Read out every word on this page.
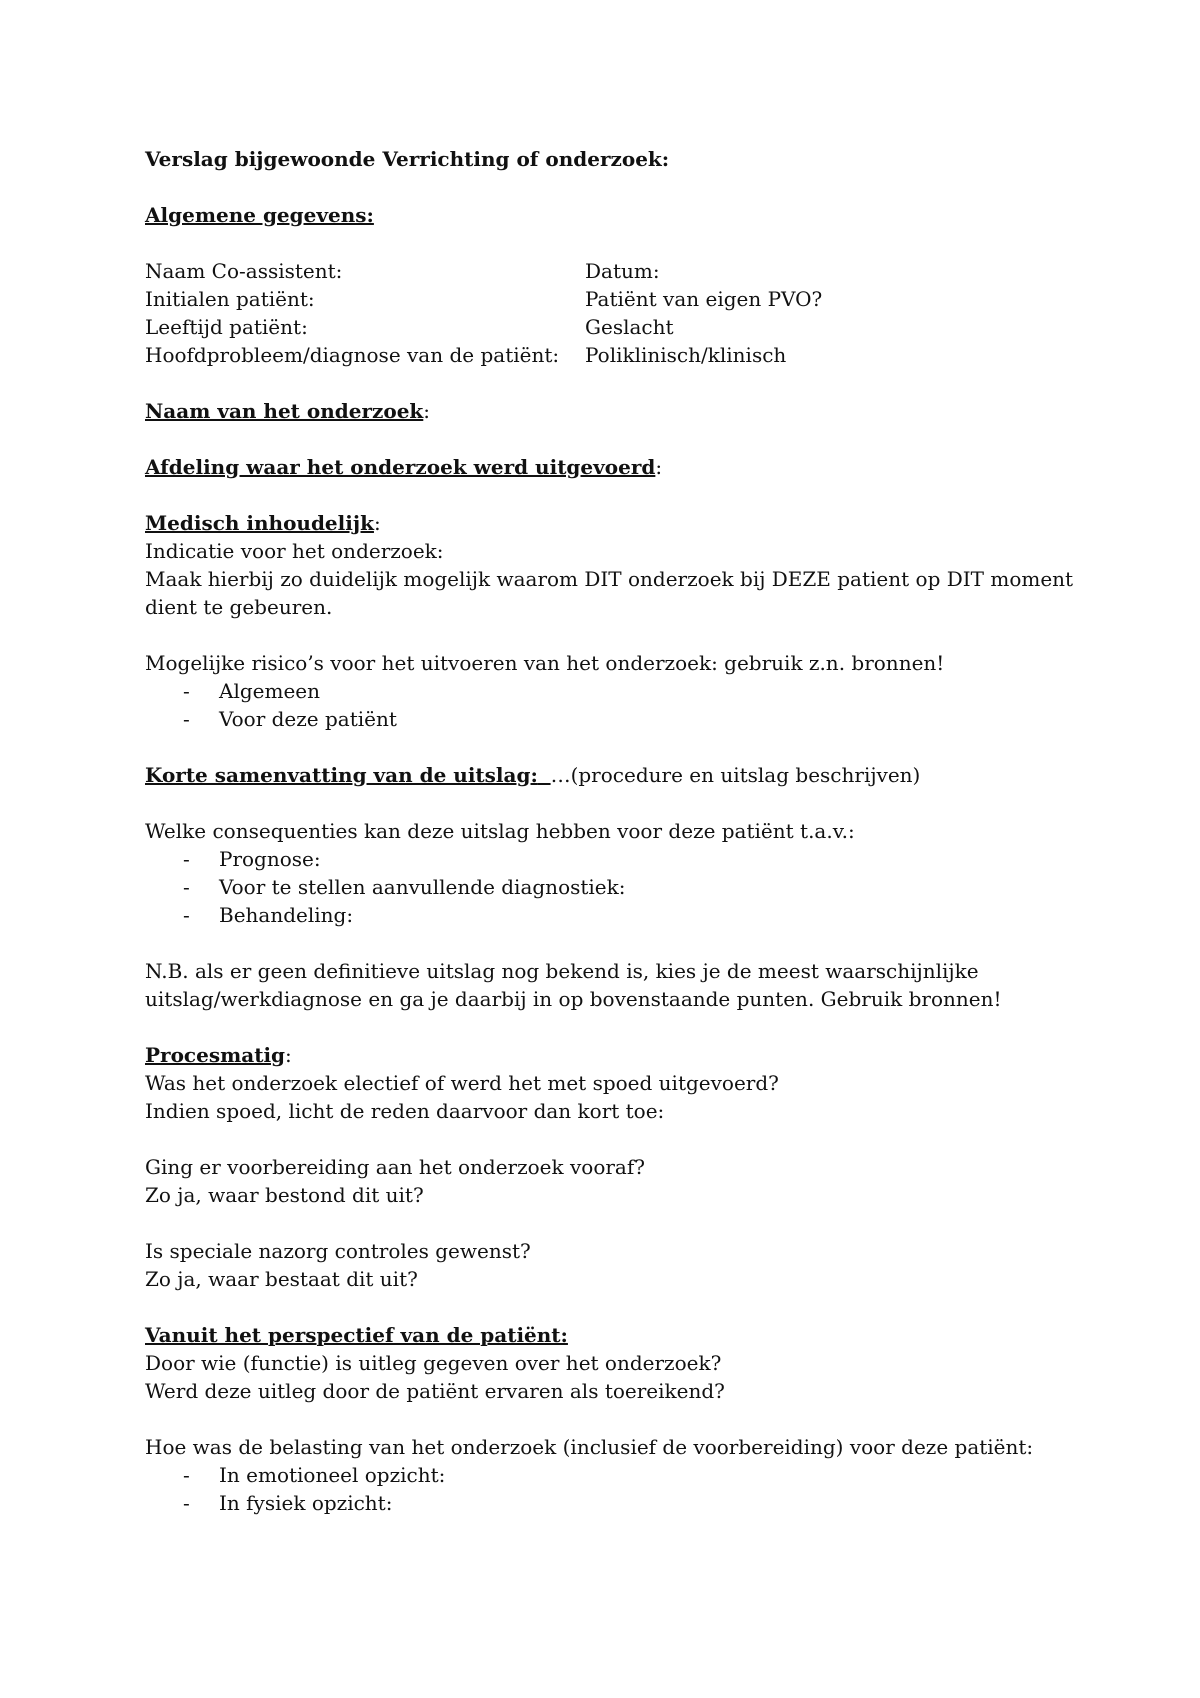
Verslag bijgewoonde Verrichting of onderzoek:
Algemene gegevens:
Naam Co-assistent:	Datum:
Initialen patiënt:	Patiënt van eigen PVO?
Leeftijd patiënt:	Geslacht
Hoofdprobleem/diagnose van de patiënt:	Poliklinisch/klinisch
Naam van het onderzoek:
Afdeling waar het onderzoek werd uitgevoerd:
Medisch inhoudelijk:
Indicatie voor het onderzoek:
Maak hierbij zo duidelijk mogelijk waarom DIT onderzoek bij DEZE patient op DIT moment
dient te gebeuren.
Mogelijke risico’s voor het uitvoeren van het onderzoek: gebruik z.n. bronnen!
-	Algemeen
-	Voor deze patiënt
Korte samenvatting van de uitslag: …(procedure en uitslag beschrijven)
Welke consequenties kan deze uitslag hebben voor deze patiënt t.a.v.:
-	Prognose:
-	Voor te stellen aanvullende diagnostiek:
-	Behandeling:
N.B. als er geen definitieve uitslag nog bekend is, kies je de meest waarschijnlijke
uitslag/werkdiagnose en ga je daarbij in op bovenstaande punten. Gebruik bronnen!
Procesmatig:
Was het onderzoek electief of werd het met spoed uitgevoerd?
Indien spoed, licht de reden daarvoor dan kort toe:
Ging er voorbereiding aan het onderzoek vooraf?
Zo ja, waar bestond dit uit?
Is speciale nazorg controles gewenst?
Zo ja, waar bestaat dit uit?
Vanuit het perspectief van de patiënt:
Door wie (functie) is uitleg gegeven over het onderzoek?
Werd deze uitleg door de patiënt ervaren als toereikend?
Hoe was de belasting van het onderzoek (inclusief de voorbereiding) voor deze patiënt:
-	In emotioneel opzicht:
-	In fysiek opzicht:
